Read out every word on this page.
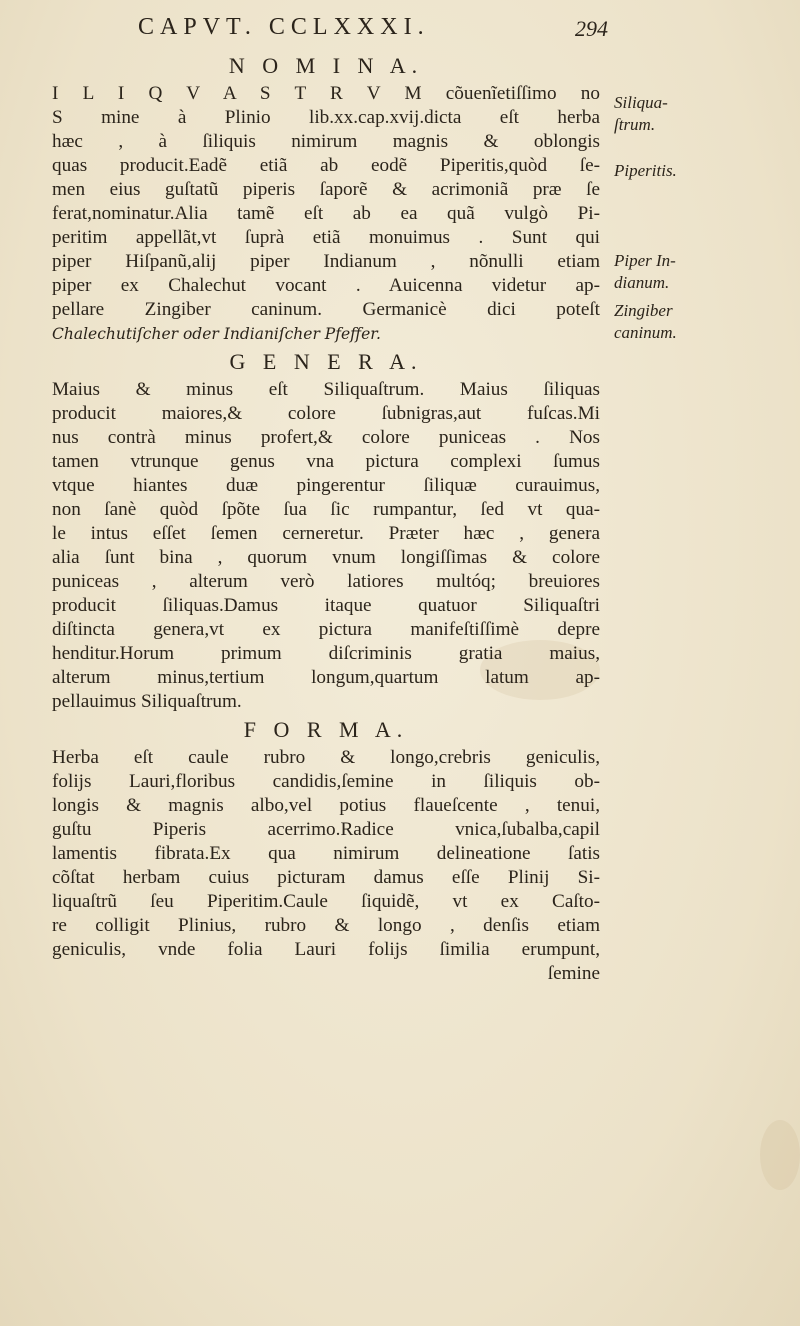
CAPVT. CCLXXXI.	294
N O M I N A.
I L I Q V A S T R V M cõuenĩetiſſimo no
S mine à Plinio lib.xx.cap.xvij.dicta eſt herba
hæc , à ſiliquis nimirum magnis & oblongis
quas producit.Eadẽ etiã ab eodẽ Piperitis,quòd ſe-
men eius guſtatũ piperis ſaporẽ & acrimoniã præ ſe
ferat,nominatur.Alia tamẽ eſt ab ea quã vulgò Pi-
peritim appellãt,vt ſuprà etiã monuimus . Sunt qui
piper Hiſpanũ,alij piper Indianum , nõnulli etiam
piper ex Chalechut vocant . Auicenna videtur ap-
pellare Zingiber caninum. Germanicè dici poteſt
Chalechutiſcher oder Indianiſcher Pfeffer.
G E N E R A.
Maius & minus eſt Siliquaſtrum. Maius ſiliquas
producit maiores,& colore ſubnigras,aut fuſcas.Mi
nus contrà minus profert,& colore puniceas . Nos
tamen vtrunque genus vna pictura complexi ſumus
vtque hiantes duæ pingerentur ſiliquæ curauimus,
non ſanè quòd ſpõte ſua ſic rumpantur, ſed vt qua-
le intus eſſet ſemen cerneretur. Præter hæc , genera
alia ſunt bina , quorum vnum longiſſimas & colore
puniceas , alterum verò latiores multóq; breuiores
producit ſiliquas.Damus itaque quatuor Siliquaſtri
diſtincta genera,vt ex pictura manifeſtiſſimè depre
henditur.Horum primum diſcriminis gratia maius,
alterum minus,tertium longum,quartum latum ap-
pellauimus Siliquaſtrum.
F O R M A.
Herba eſt caule rubro & longo,crebris geniculis,
folijs Lauri,floribus candidis,ſemine in ſiliquis ob-
longis & magnis albo,vel potius flaueſcente , tenui,
guſtu Piperis acerrimo.Radice vnica,ſubalba,capil
lamentis fibrata.Ex qua nimirum delineatione ſatis
cõſtat herbam cuius picturam damus eſſe Plinij Si-
liquaſtrũ ſeu Piperitim.Caule ſiquidẽ, vt ex Caſto-
re colligit Plinius, rubro & longo , denſis etiam
geniculis, vnde folia Lauri folijs ſimilia erumpunt,
ſemine
Siliqua-
ſtrum.
Piperitis.
Piper In-
dianum.
Zingiber
caninum.
